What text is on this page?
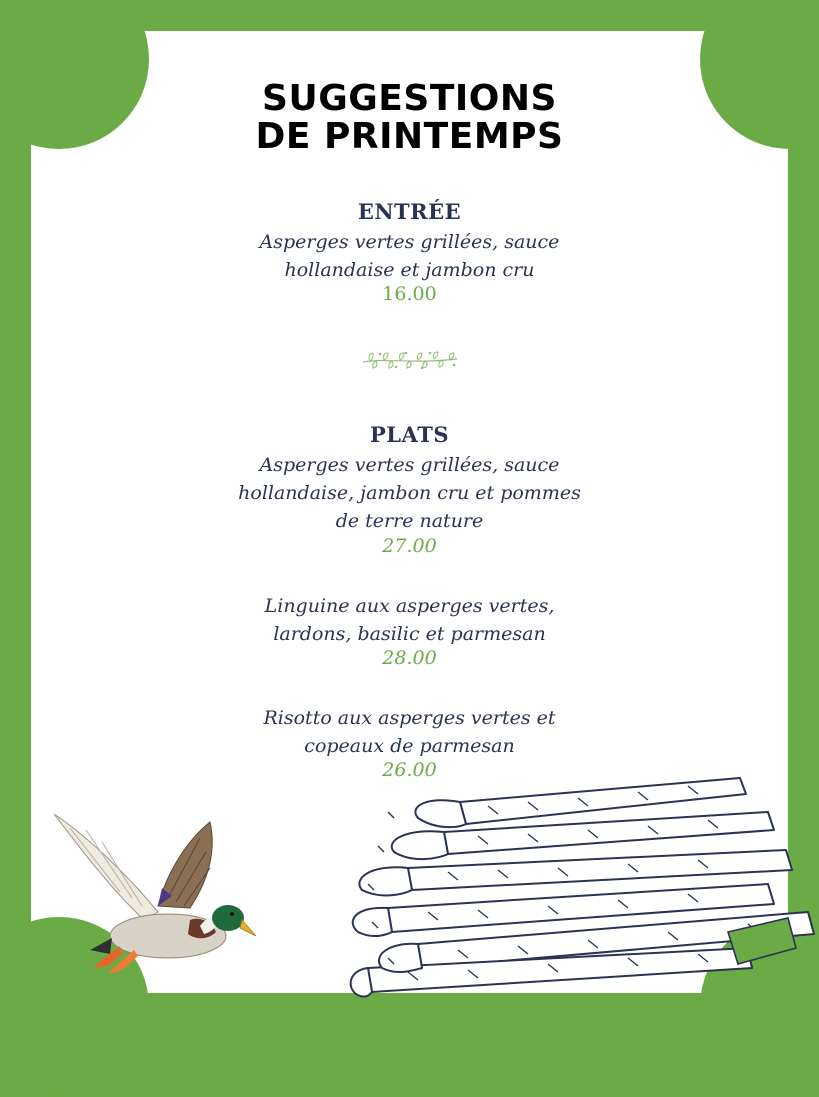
SUGGESTIONS
DE PRINTEMPS
ENTRÉE
Asperges vertes grillées, sauce
hollandaise et jambon cru
16.00
PLATS
Asperges vertes grillées, sauce
hollandaise, jambon cru et pommes
de terre nature
27.00
Linguine aux asperges vertes,
lardons, basilic et parmesan
28.00
Risotto aux asperges vertes et
copeaux de parmesan
26.00
